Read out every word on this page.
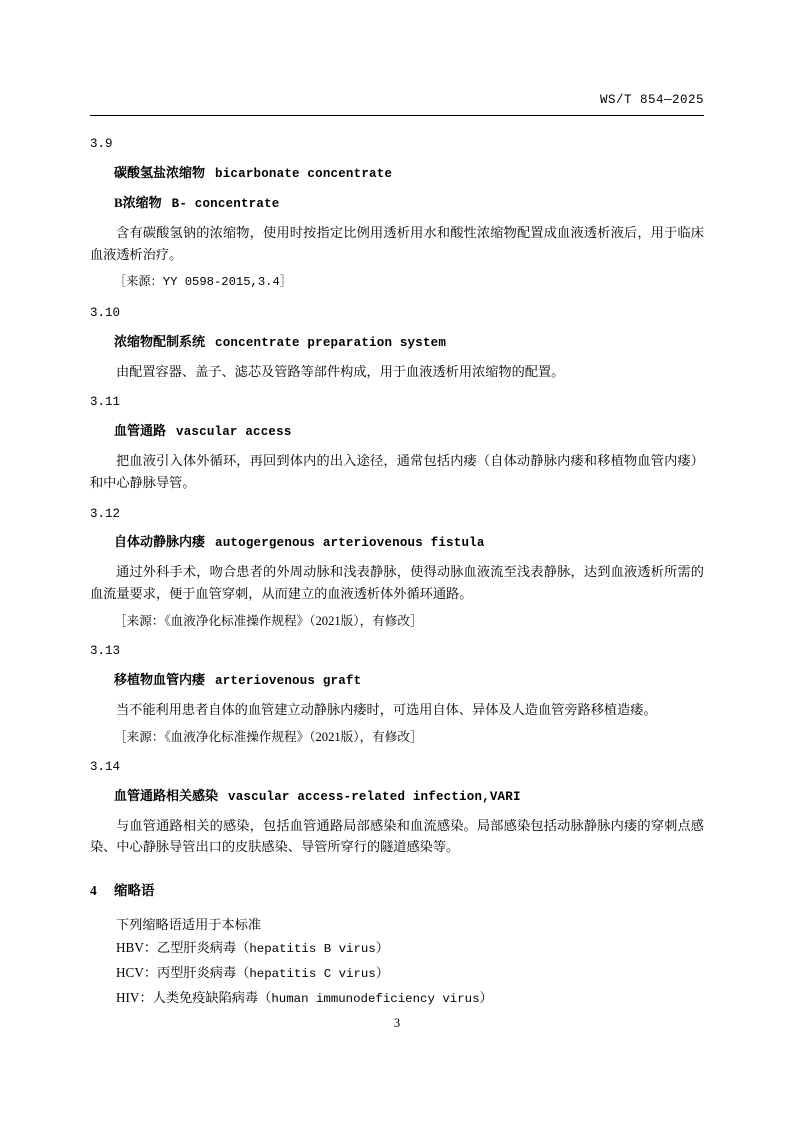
WS/T 854—2025
3.9
碳酸氢盐浓缩物 bicarbonate concentrate
B浓缩物 B- concentrate
含有碳酸氢钠的浓缩物，使用时按指定比例用透析用水和酸性浓缩物配置成血液透析液后，用于临床血液透析治疗。
［来源：YY 0598-2015,3.4］
3.10
浓缩物配制系统 concentrate preparation system
由配置容器、盖子、滤芯及管路等部件构成，用于血液透析用浓缩物的配置。
3.11
血管通路 vascular access
把血液引入体外循环，再回到体内的出入途径，通常包括内瘘（自体动静脉内瘘和移植物血管内瘘）和中心静脉导管。
3.12
自体动静脉内瘘 autogergenous arteriovenous fistula
通过外科手术，吻合患者的外周动脉和浅表静脉，使得动脉血液流至浅表静脉，达到血液透析所需的血流量要求，便于血管穿刺，从而建立的血液透析体外循环通路。
［来源：《血液净化标准操作规程》（2021版），有修改］
3.13
移植物血管内瘘 arteriovenous graft
当不能利用患者自体的血管建立动静脉内瘘时，可选用自体、异体及人造血管旁路移植造瘘。
［来源：《血液净化标准操作规程》（2021版），有修改］
3.14
血管通路相关感染 vascular access-related infection,VARI
与血管通路相关的感染，包括血管通路局部感染和血流感染。局部感染包括动脉静脉内瘘的穿刺点感染、中心静脉导管出口的皮肤感染、导管所穿行的隧道感染等。
4 缩略语
下列缩略语适用于本标准
HBV：乙型肝炎病毒（hepatitis B virus）
HCV：丙型肝炎病毒（hepatitis C virus）
HIV：人类免疫缺陷病毒（human immunodeficiency virus）
3
